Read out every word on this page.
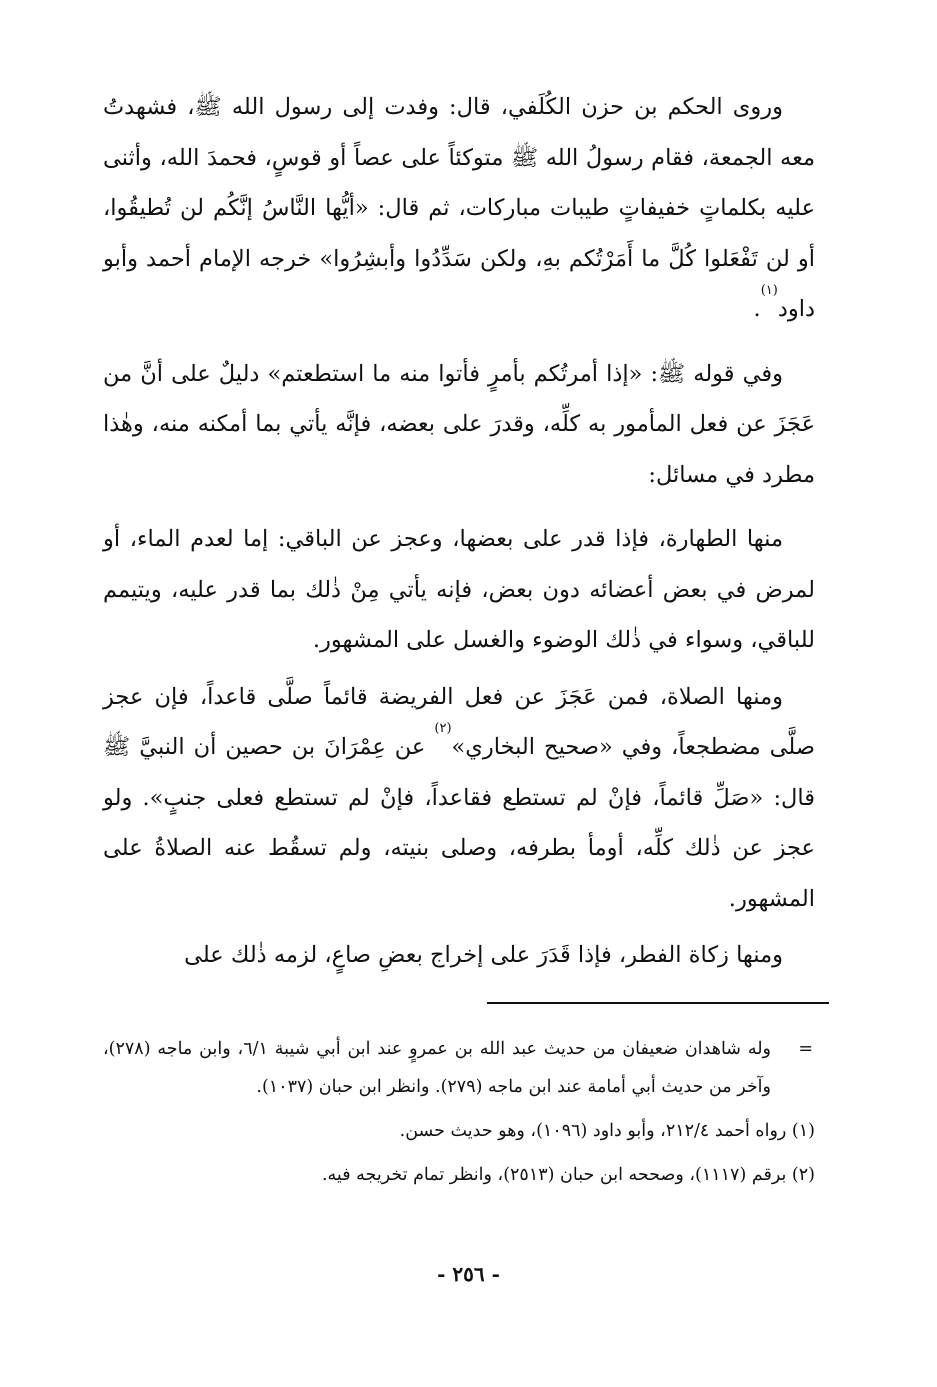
وروى الحكم بن حزن الكُلَفي، قال: وفدت إلى رسول الله ﷺ، فشهدتُ معه الجمعة، فقام رسولُ الله ﷺ متوكئاً على عصاً أو قوسٍ، فحمدَ الله، وأثنى عليه بكلماتٍ خفيفاتٍ طيبات مباركات، ثم قال: «أيُّها النَّاسُ إنَّكُم لن تُطيقُوا، أو لن تَفْعَلوا كُلَّ ما أَمَرْتُكم بهِ، ولكن سَدِّدُوا وأبشِرُوا» خرجه الإمام أحمد وأبو داود$^{(١)}$.

وفي قوله ﷺ: «إذا أمرتُكم بأمرٍ فأتوا منه ما استطعتم» دليلٌ على أنَّ من عَجَزَ عن فعل المأمور به كلِّه، وقدرَ على بعضه، فإنَّه يأتي بما أمكنه منه، وهٰذا مطرد في مسائل:

منها الطهارة، فإذا قدر على بعضها، وعجز عن الباقي: إما لعدم الماء، أو لمرض في بعض أعضائه دون بعض، فإنه يأتي مِنْ ذٰلك بما قدر عليه، ويتيمم للباقي، وسواء في ذٰلك الوضوء والغسل على المشهور.

ومنها الصلاة، فمن عَجَزَ عن فعل الفريضة قائماً صلَّى قاعداً، فإن عجز صلَّى مضطجعاً، وفي «صحيح البخاري»$^{(٢)}$ عن عِمْرَانَ بن حصين أن النبيَّ ﷺ قال: «صَلِّ قائماً، فإنْ لم تستطع فقاعداً، فإنْ لم تستطع فعلى جنبٍ». ولو عجز عن ذٰلك كلِّه، أومأ بطرفه، وصلى بنيته، ولم تسقُط عنه الصلاةُ على المشهور.

ومنها زكاة الفطر، فإذا قَدَرَ على إخراج بعضِ صاعٍ، لزمه ذٰلك على

=
وله شاهدان ضعيفان من حديث عبد الله بن عمروٍ عند ابن أبي شيبة ٦/١، وابن ماجه (٢٧٨)، وآخر من حديث أبي أمامة عند ابن ماجه (٢٧٩). وانظر ابن حبان (١٠٣٧).

(١) رواه أحمد ٢١٢/٤، وأبو داود (١٠٩٦)، وهو حديث حسن.

(٢) برقم (١١١٧)، وصححه ابن حبان (٢٥١٣)، وانظر تمام تخريجه فيه.

- ٢٥٦ -
